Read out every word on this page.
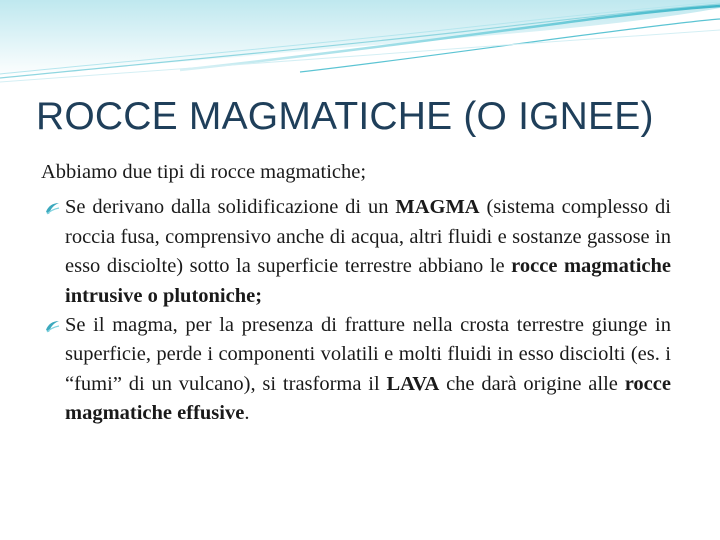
ROCCE MAGMATICHE (O IGNEE)

Abbiamo due tipi di rocce magmatiche;

Se derivano dalla solidificazione di un MAGMA (sistema complesso di roccia fusa, comprensivo anche di acqua, altri fluidi e sostanze gassose in esso disciolte) sotto la superficie terrestre abbiano le rocce magmatiche intrusive o plutoniche;

Se il magma, per la presenza di fratture nella crosta terrestre giunge in superficie, perde i componenti volatili e molti fluidi in esso disciolti (es. i “fumi” di un vulcano), si trasforma il LAVA che darà origine alle rocce magmatiche effusive.
